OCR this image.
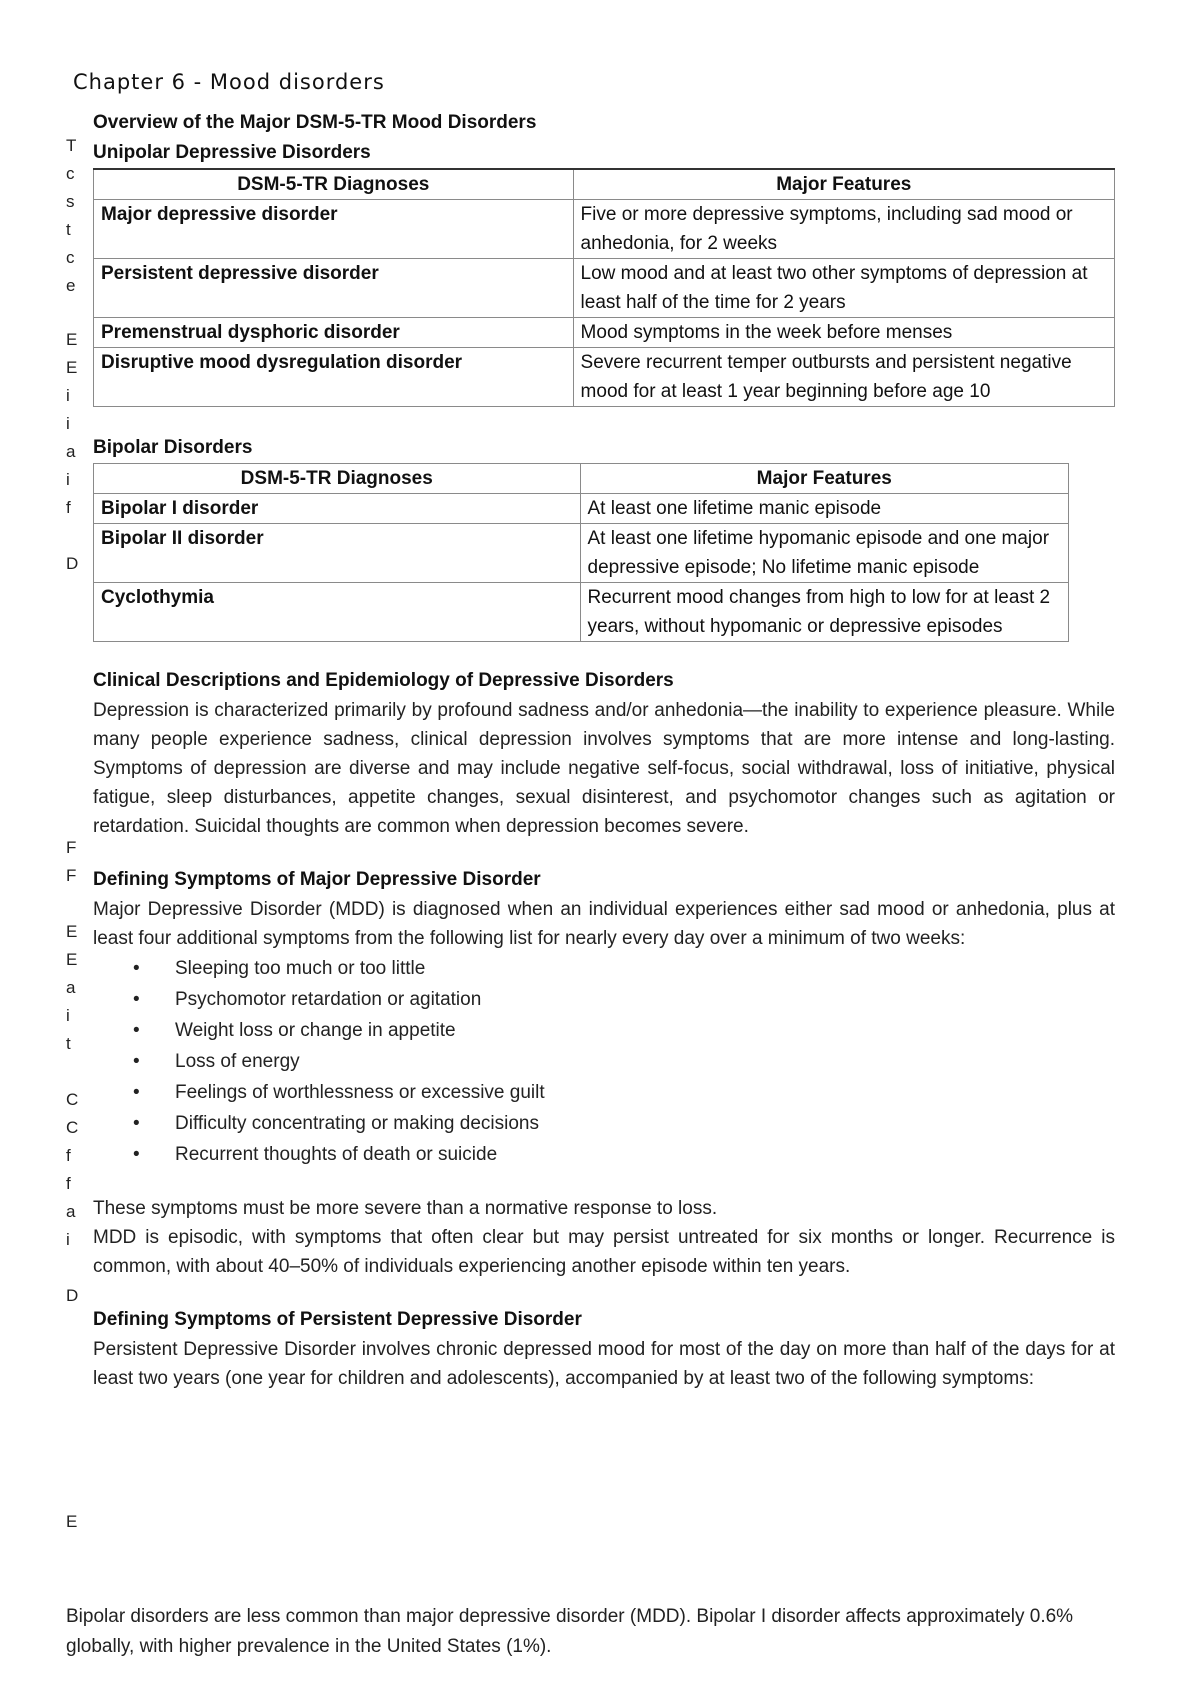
Chapter 6 - Mood disorders
T
c
s
t
c
e
E
E
i
i
a
i
f
D
F
F
E
E
a
i
t
C
C
f
f
a
i
D
E
Overview of the Major DSM-5-TR Mood Disorders
Unipolar Depressive Disorders
DSM-5-TR Diagnoses	Major Features
Major depressive disorder	Five or more depressive symptoms, including sad mood or anhedonia, for 2 weeks
Persistent depressive disorder	Low mood and at least two other symptoms of depression at least half of the time for 2 years
Premenstrual dysphoric disorder	Mood symptoms in the week before menses
Disruptive mood dysregulation disorder	Severe recurrent temper outbursts and persistent negative mood for at least 1 year beginning before age 10
Bipolar Disorders
DSM-5-TR Diagnoses	Major Features
Bipolar I disorder	At least one lifetime manic episode
Bipolar II disorder	At least one lifetime hypomanic episode and one major depressive episode; No lifetime manic episode
Cyclothymia	Recurrent mood changes from high to low for at least 2 years, without hypomanic or depressive episodes
Clinical Descriptions and Epidemiology of Depressive Disorders

Depression is characterized primarily by profound sadness and/or anhedonia—the inability to experience pleasure. While many people experience sadness, clinical depression involves symptoms that are more intense and long-lasting. Symptoms of depression are diverse and may include negative self-focus, social withdrawal, loss of initiative, physical fatigue, sleep disturbances, appetite changes, sexual disinterest, and psychomotor changes such as agitation or retardation. Suicidal thoughts are common when depression becomes severe.

Defining Symptoms of Major Depressive Disorder

Major Depressive Disorder (MDD) is diagnosed when an individual experiences either sad mood or anhedonia, plus at least four additional symptoms from the following list for nearly every day over a minimum of two weeks:

• Sleeping too much or too little
• Psychomotor retardation or agitation
• Weight loss or change in appetite
• Loss of energy
• Feelings of worthlessness or excessive guilt
• Difficulty concentrating or making decisions
• Recurrent thoughts of death or suicide

These symptoms must be more severe than a normative response to loss.

MDD is episodic, with symptoms that often clear but may persist untreated for six months or longer. Recurrence is common, with about 40–50% of individuals experiencing another episode within ten years.

Defining Symptoms of Persistent Depressive Disorder

Persistent Depressive Disorder involves chronic depressed mood for most of the day on more than half of the days for at least two years (one year for children and adolescents), accompanied by at least two of the following symptoms:

Bipolar disorders are less common than major depressive disorder (MDD). Bipolar I disorder affects approximately 0.6% globally, with higher prevalence in the United States (1%).
